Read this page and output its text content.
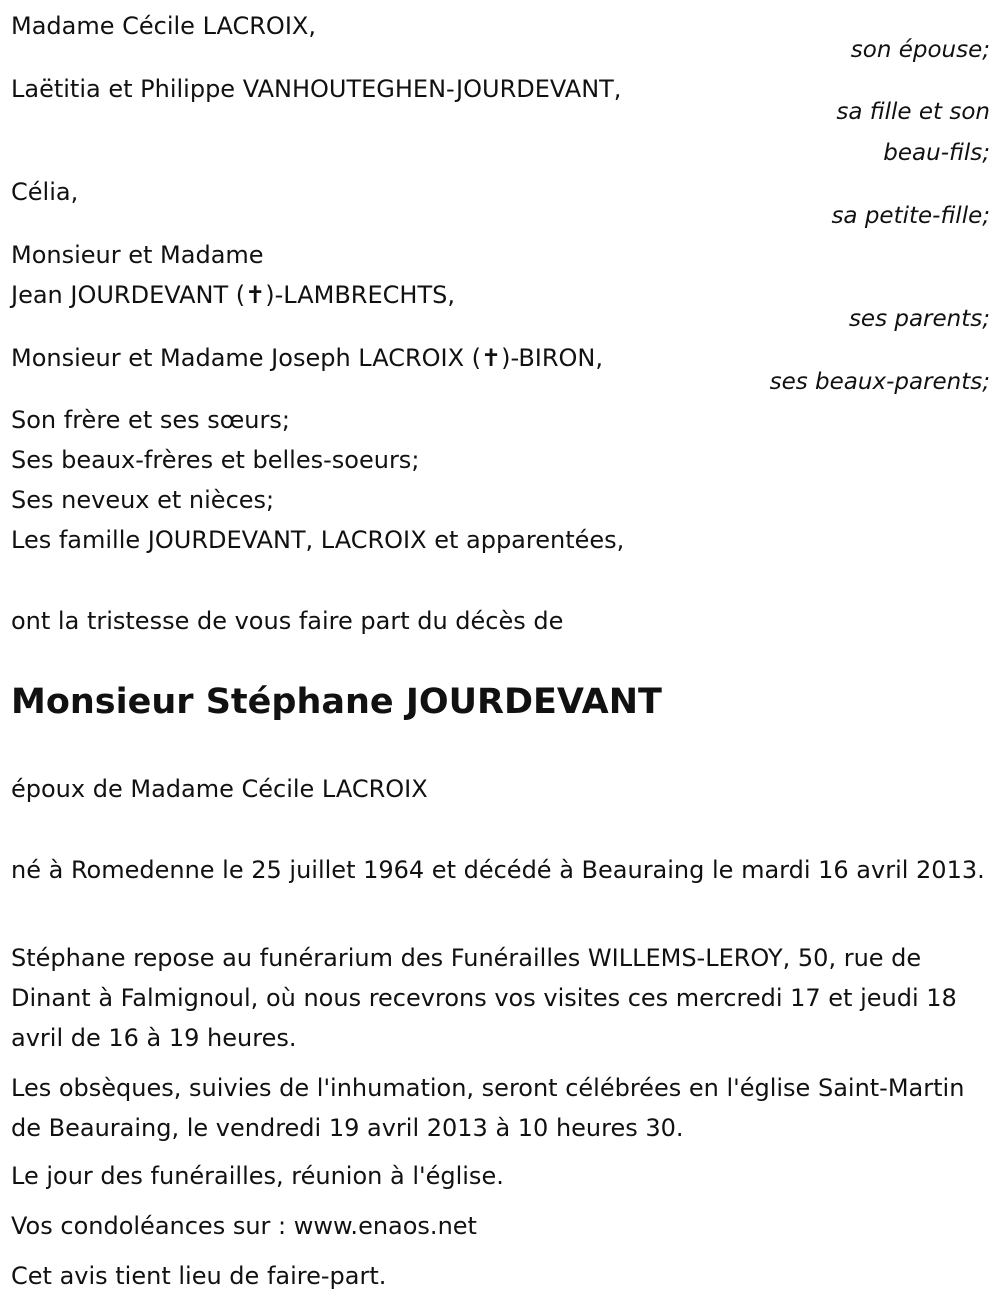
Madame Cécile LACROIX,

son épouse;

Laëtitia et Philippe VANHOUTEGHEN-JOURDEVANT,

sa fille et son

beau-fils;

Célia,

sa petite-fille;

Monsieur et Madame

Jean JOURDEVANT (✝)-LAMBRECHTS,

ses parents;

Monsieur et Madame Joseph LACROIX (✝)-BIRON,

ses beaux-parents;

Son frère et ses sœurs;

Ses beaux-frères et belles-soeurs;

Ses neveux et nièces;

Les famille JOURDEVANT, LACROIX et apparentées,

ont la tristesse de vous faire part du décès de

Monsieur Stéphane JOURDEVANT

époux de Madame Cécile LACROIX

né à Romedenne le 25 juillet 1964 et décédé à Beauraing le mardi 16 avril 2013.

Stéphane repose au funérarium des Funérailles WILLEMS-LEROY, 50, rue de Dinant à Falmignoul, où nous recevrons vos visites ces mercredi 17 et jeudi 18 avril de 16 à 19 heures.

Les obsèques, suivies de l'inhumation, seront célébrées en l'église Saint-Martin de Beauraing, le vendredi 19 avril 2013 à 10 heures 30.

Le jour des funérailles, réunion à l'église.

Vos condoléances sur : www.enaos.net

Cet avis tient lieu de faire-part.
